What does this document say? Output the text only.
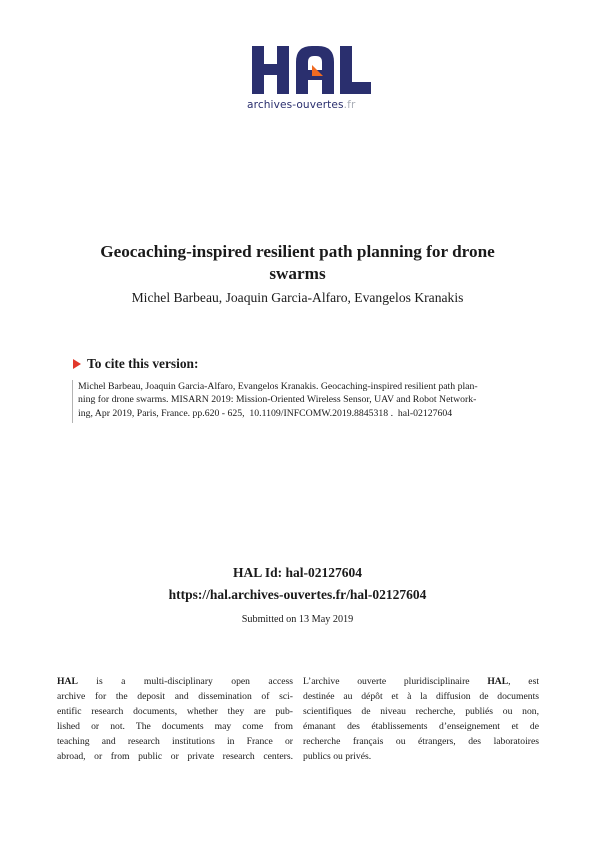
archives-ouvertes.fr
Geocaching-inspired resilient path planning for drone
swarms
Michel Barbeau, Joaquin Garcia-Alfaro, Evangelos Kranakis
To cite this version:
Michel Barbeau, Joaquin Garcia-Alfaro, Evangelos Kranakis. Geocaching-inspired resilient path plan-
ning for drone swarms. MISARN 2019: Mission-Oriented Wireless Sensor, UAV and Robot Network-
ing, Apr 2019, Paris, France. pp.620 - 625,  10.1109/INFCOMW.2019.8845318 .  hal-02127604
HAL Id: hal-02127604
https://hal.archives-ouvertes.fr/hal-02127604
Submitted on 13 May 2019
HAL is a multi-disciplinary open access
archive for the deposit and dissemination of sci-
entific research documents, whether they are pub-
lished or not. The documents may come from
teaching and research institutions in France or
abroad, or from public or private research centers.
L’archive ouverte pluridisciplinaire HAL, est
destinée au dépôt et à la diffusion de documents
scientifiques de niveau recherche, publiés ou non,
émanant des établissements d’enseignement et de
recherche français ou étrangers, des laboratoires
publics ou privés.
